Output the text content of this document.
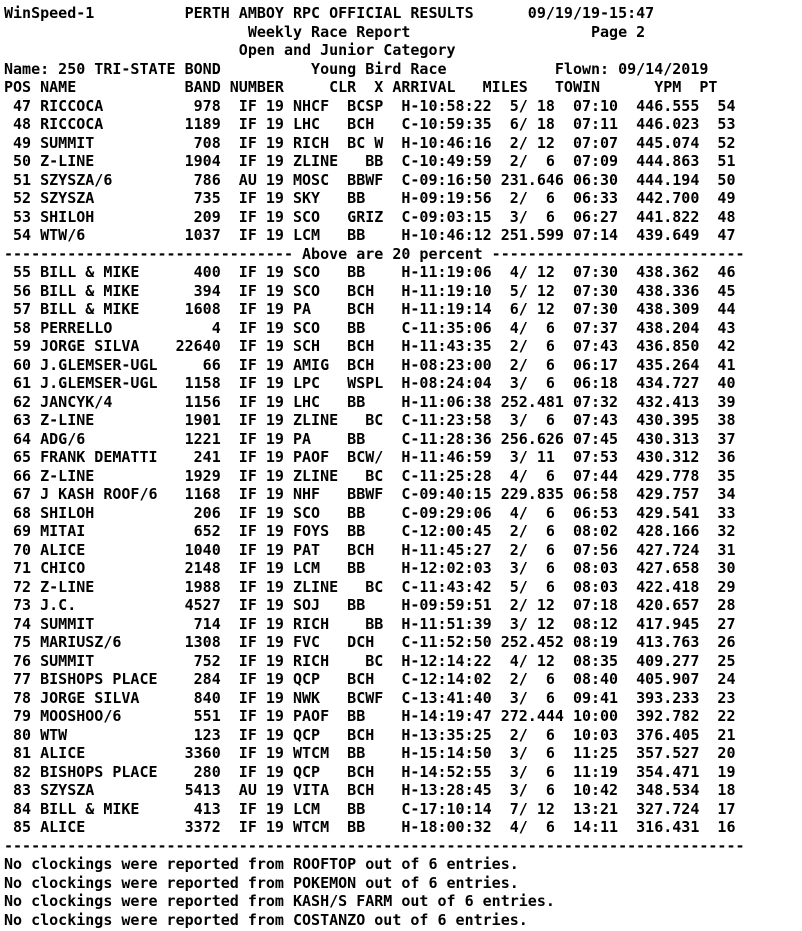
WinSpeed-1          PERTH AMBOY RPC OFFICIAL RESULTS      09/19/19-15:47
Weekly Race Report                    Page 2
Open and Junior Category
Name: 250 TRI-STATE BOND          Young Bird Race            Flown: 09/14/2019
POS NAME            BAND NUMBER     CLR  X ARRIVAL   MILES   TOWIN      YPM  PT
47 RICCOCA          978  IF 19 NHCF  BCSP  H-10:58:22  5/ 18  07:10  446.555  54
48 RICCOCA         1189  IF 19 LHC   BCH   C-10:59:35  6/ 18  07:11  446.023  53
49 SUMMIT           708  IF 19 RICH  BC W  H-10:46:16  2/ 12  07:07  445.074  52
50 Z-LINE          1904  IF 19 ZLINE   BB  C-10:49:59  2/  6  07:09  444.863  51
51 SZYSZA/6         786  AU 19 MOSC  BBWF  C-09:16:50 231.646 06:30  444.194  50
52 SZYSZA           735  IF 19 SKY   BB    H-09:19:56  2/  6  06:33  442.700  49
53 SHILOH           209  IF 19 SCO   GRIZ  C-09:03:15  3/  6  06:27  441.822  48
54 WTW/6           1037  IF 19 LCM   BB    H-10:46:12 251.599 07:14  439.649  47
-------------------------------- Above are 20 percent ----------------------------
55 BILL & MIKE      400  IF 19 SCO   BB    H-11:19:06  4/ 12  07:30  438.362  46
56 BILL & MIKE      394  IF 19 SCO   BCH   H-11:19:10  5/ 12  07:30  438.336  45
57 BILL & MIKE     1608  IF 19 PA    BCH   H-11:19:14  6/ 12  07:30  438.309  44
58 PERRELLO           4  IF 19 SCO   BB    C-11:35:06  4/  6  07:37  438.204  43
59 JORGE SILVA    22640  IF 19 SCH   BCH   H-11:43:35  2/  6  07:43  436.850  42
60 J.GLEMSER-UGL     66  IF 19 AMIG  BCH   H-08:23:00  2/  6  06:17  435.264  41
61 J.GLEMSER-UGL   1158  IF 19 LPC   WSPL  H-08:24:04  3/  6  06:18  434.727  40
62 JANCYK/4        1156  IF 19 LHC   BB    H-11:06:38 252.481 07:32  432.413  39
63 Z-LINE          1901  IF 19 ZLINE   BC  C-11:23:58  3/  6  07:43  430.395  38
64 ADG/6           1221  IF 19 PA    BB    C-11:28:36 256.626 07:45  430.313  37
65 FRANK DEMATTI    241  IF 19 PAOF  BCW/  H-11:46:59  3/ 11  07:53  430.312  36
66 Z-LINE          1929  IF 19 ZLINE   BC  C-11:25:28  4/  6  07:44  429.778  35
67 J KASH ROOF/6   1168  IF 19 NHF   BBWF  C-09:40:15 229.835 06:58  429.757  34
68 SHILOH           206  IF 19 SCO   BB    C-09:29:06  4/  6  06:53  429.541  33
69 MITAI            652  IF 19 FOYS  BB    C-12:00:45  2/  6  08:02  428.166  32
70 ALICE           1040  IF 19 PAT   BCH   H-11:45:27  2/  6  07:56  427.724  31
71 CHICO           2148  IF 19 LCM   BB    H-12:02:03  3/  6  08:03  427.658  30
72 Z-LINE          1988  IF 19 ZLINE   BC  C-11:43:42  5/  6  08:03  422.418  29
73 J.C.            4527  IF 19 SOJ   BB    H-09:59:51  2/ 12  07:18  420.657  28
74 SUMMIT           714  IF 19 RICH    BB  H-11:51:39  3/ 12  08:12  417.945  27
75 MARIUSZ/6       1308  IF 19 FVC   DCH   C-11:52:50 252.452 08:19  413.763  26
76 SUMMIT           752  IF 19 RICH    BC  H-12:14:22  4/ 12  08:35  409.277  25
77 BISHOPS PLACE    284  IF 19 QCP   BCH   C-12:14:02  2/  6  08:40  405.907  24
78 JORGE SILVA      840  IF 19 NWK   BCWF  C-13:41:40  3/  6  09:41  393.233  23
79 MOOSHOO/6        551  IF 19 PAOF  BB    H-14:19:47 272.444 10:00  392.782  22
80 WTW              123  IF 19 QCP   BCH   H-13:35:25  2/  6  10:03  376.405  21
81 ALICE           3360  IF 19 WTCM  BB    H-15:14:50  3/  6  11:25  357.527  20
82 BISHOPS PLACE    280  IF 19 QCP   BCH   H-14:52:55  3/  6  11:19  354.471  19
83 SZYSZA          5413  AU 19 VITA  BCH   H-13:28:45  3/  6  10:42  348.534  18
84 BILL & MIKE      413  IF 19 LCM   BB    C-17:10:14  7/ 12  13:21  327.724  17
85 ALICE           3372  IF 19 WTCM  BB    H-18:00:32  4/  6  14:11  316.431  16
----------------------------------------------------------------------------------
No clockings were reported from ROOFTOP out of 6 entries.
No clockings were reported from POKEMON out of 6 entries.
No clockings were reported from KASH/S FARM out of 6 entries.
No clockings were reported from COSTANZO out of 6 entries.
